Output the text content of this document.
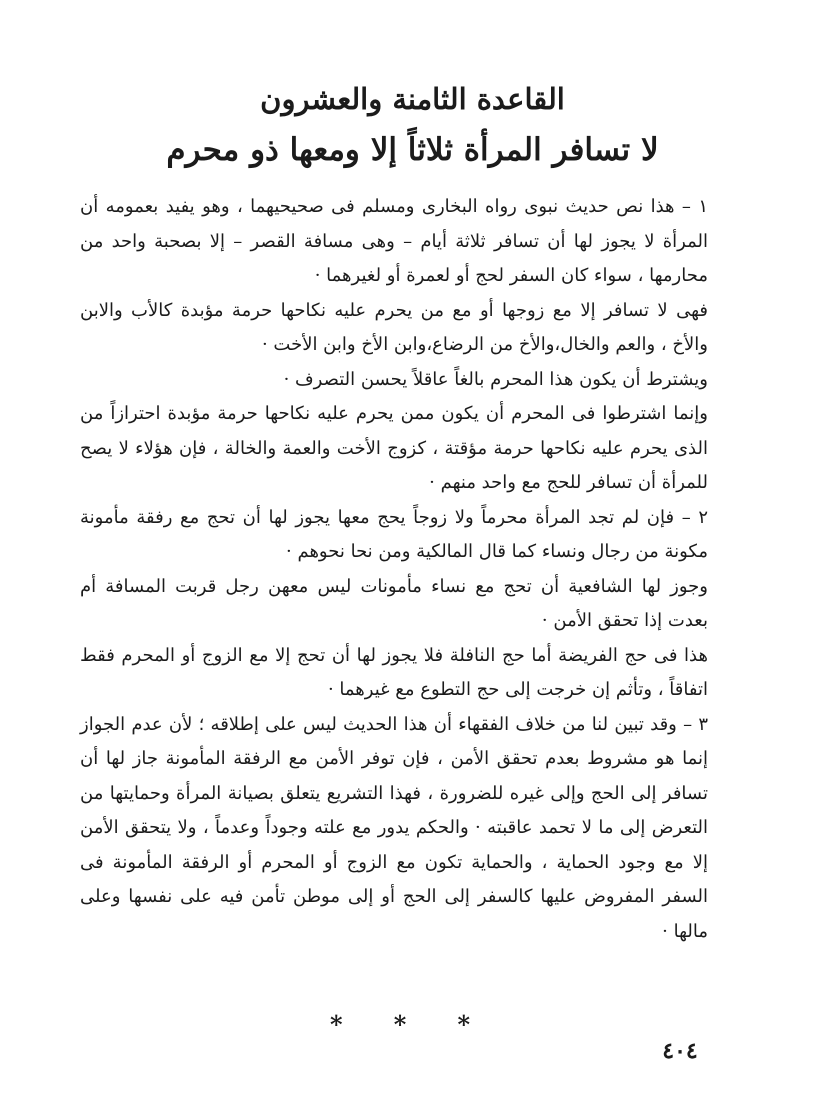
القاعدة الثامنة والعشرون
لا تسافر المرأة ثلاثاً إلا ومعها ذو محرم

١ – هذا نص حديث نبوى رواه البخارى ومسلم فى صحيحيهما ، وهو يفيد بعمومه أن المرأة لا يجوز لها أن تسافر ثلاثة أيام – وهى مسافة القصر – إلا بصحبة واحد من محارمها ، سواء كان السفر لحج أو لعمرة أو لغيرهما ·

فهى لا تسافر إلا مع زوجها أو مع من يحرم عليه نكاحها حرمة مؤبدة كالأب والابن والأخ ، والعم والخال،والأخ من الرضاع،وابن الأخ وابن الأخت ·

ويشترط أن يكون هذا المحرم بالغاً عاقلاً يحسن التصرف ·

وإنما اشترطوا فى المحرم أن يكون ممن يحرم عليه نكاحها حرمة مؤبدة احترازاً من الذى يحرم عليه نكاحها حرمة مؤقتة ، كزوج الأخت والعمة والخالة ، فإن هؤلاء لا يصح للمرأة أن تسافر للحج مع واحد منهم ·

٢ – فإن لم تجد المرأة محرماً ولا زوجاً يحج معها يجوز لها أن تحج مع رفقة مأمونة مكونة من رجال ونساء كما قال المالكية ومن نحا نحوهم ·

وجوز لها الشافعية أن تحج مع نساء مأمونات ليس معهن رجل قربت المسافة أم بعدت إذا تحقق الأمن ·

هذا فى حج الفريضة أما حج النافلة فلا يجوز لها أن تحج إلا مع الزوج أو المحرم فقط اتفاقاً ، وتأثم إن خرجت إلى حج التطوع مع غيرهما ·

٣ – وقد تبين لنا من خلاف الفقهاء أن هذا الحديث ليس على إطلاقه ؛ لأن عدم الجواز إنما هو مشروط بعدم تحقق الأمن ، فإن توفر الأمن مع الرفقة المأمونة جاز لها أن تسافر إلى الحج وإلى غيره للضرورة ، فهذا التشريع يتعلق بصيانة المرأة وحمايتها من التعرض إلى ما لا تحمد عاقبته · والحكم يدور مع علته وجوداً وعدماً ، ولا يتحقق الأمن إلا مع وجود الحماية ، والحماية تكون مع الزوج أو المحرم أو الرفقة المأمونة فى السفر المفروض عليها كالسفر إلى الحج أو إلى موطن تأمن فيه على نفسها وعلى مالها ·

* * *
٤٠٤
